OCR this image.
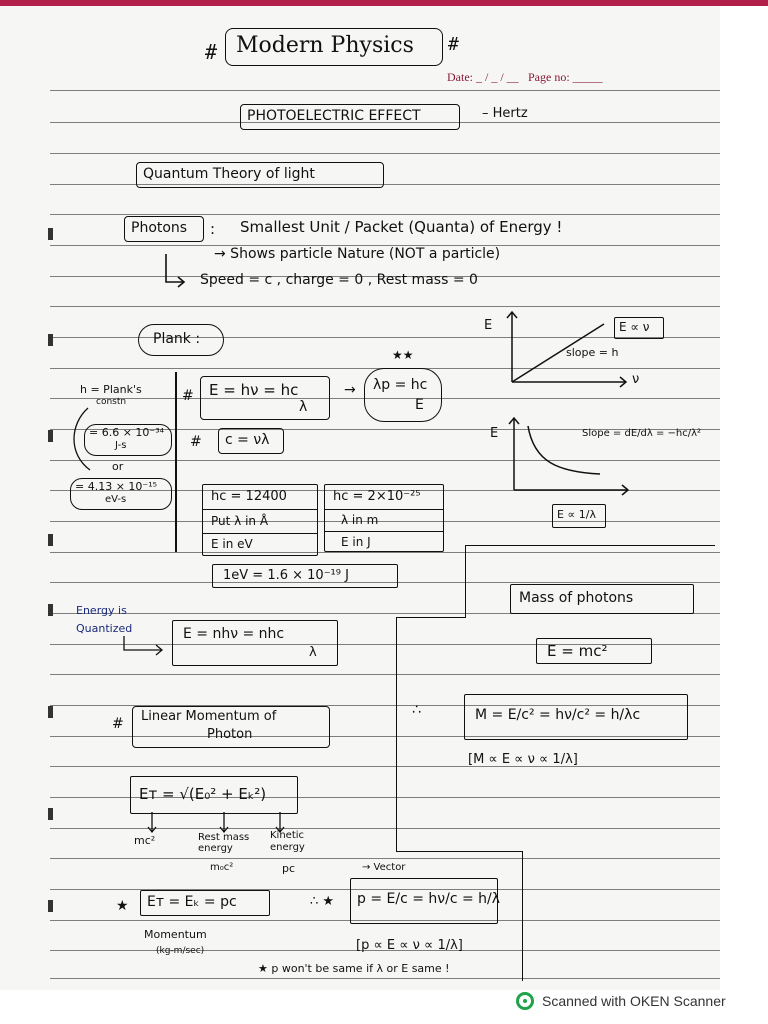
# Modern Physics #
Date: _ / _ / __ Page no: _____
PHOTOELECTRIC EFFECT	– Hertz
Quantum Theory of light
Photons : Smallest Unit / Packet (Quanta) of Energy !
→ Shows particle Nature (NOT a particle)
Speed = c , charge = 0 , Rest mass = 0
Plank :
h = Plank's
constn
= 6.6 × 10⁻³⁴
J-s
or
= 4.13 × 10⁻¹⁵
eV-s
# E = hν = hc
λ
→
★★
λp = hc
E
# c = νλ
hc = 12400
Put λ in Å
E in eV
hc = 2×10⁻²⁵
λ in m
E in J
1eV = 1.6 × 10⁻¹⁹ J
E
ν
E ∝ ν
slope = h
E	Slope = dE/dλ = −hc/λ²
E ∝ 1/λ
Energy is
Quantized	E = nhν = nhc
λ
Mass of photons
E = mc²
∴	M = E/c² = hν/c² = h/λc
[M ∝ E ∝ ν ∝ 1/λ]
# Linear Momentum of
Photon
Eт = √(E₀² + Eₖ²)
mc²	Rest mass energy
m₀c²
Kinetic energy
pc
★ Eт = Eₖ = pc
Momentum
(kg-m/sec)
∴ ★
→ Vector
p = E/c = hν/c = h/λ
[p ∝ E ∝ ν ∝ 1/λ]
★ p won't be same if λ or E same !
Scanned with OKEN Scanner
